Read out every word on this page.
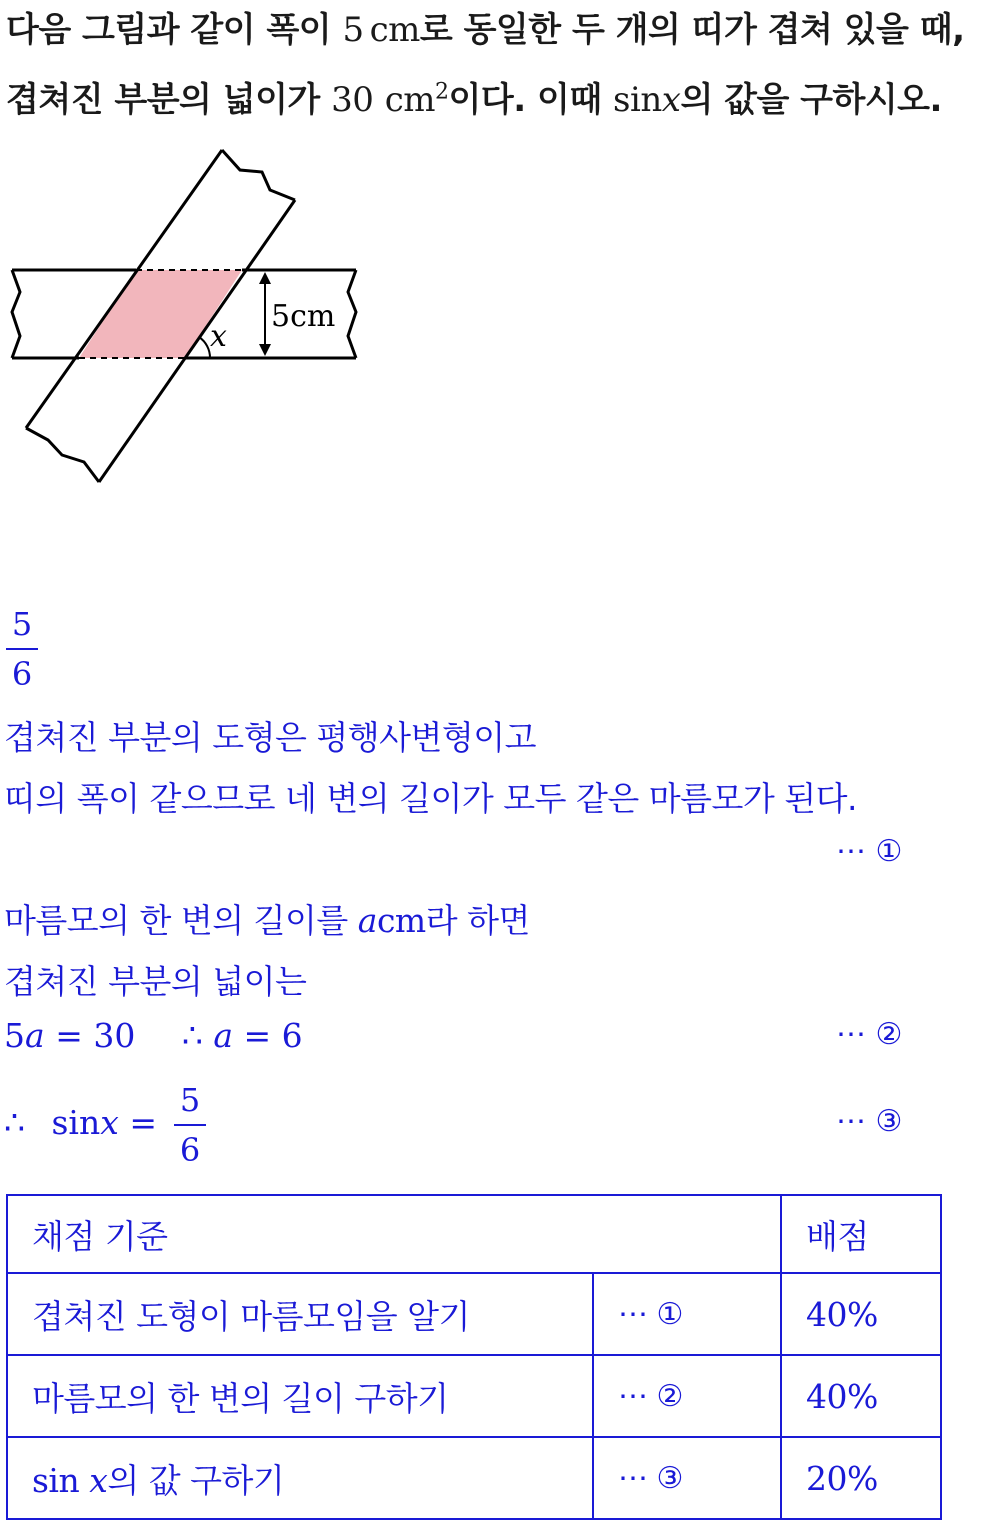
다음 그림과 같이 폭이 5 cm로 동일한 두 개의 띠가 겹쳐 있을 때,
겹쳐진 부분의 넓이가 30 $cm^2$이다. 이때 sinx의 값을 구하시오.
x
5cm
5
6
겹쳐진 부분의 도형은 평행사변형이고
띠의 폭이 같으므로 네 변의 길이가 모두 같은 마름모가 된다.
⋯ ①
마름모의 한 변의 길이를 acm라 하면
겹쳐진 부분의 넓이는
5a = 30 ∴ a = 6	⋯ ②
∴ sinx =
5
6
⋯ ③
채점 기준		배점
겹쳐진 도형이 마름모임을 알기	⋯ ①	40%
마름모의 한 변의 길이 구하기	⋯ ②	40%
sin x의 값 구하기	⋯ ③	20%
